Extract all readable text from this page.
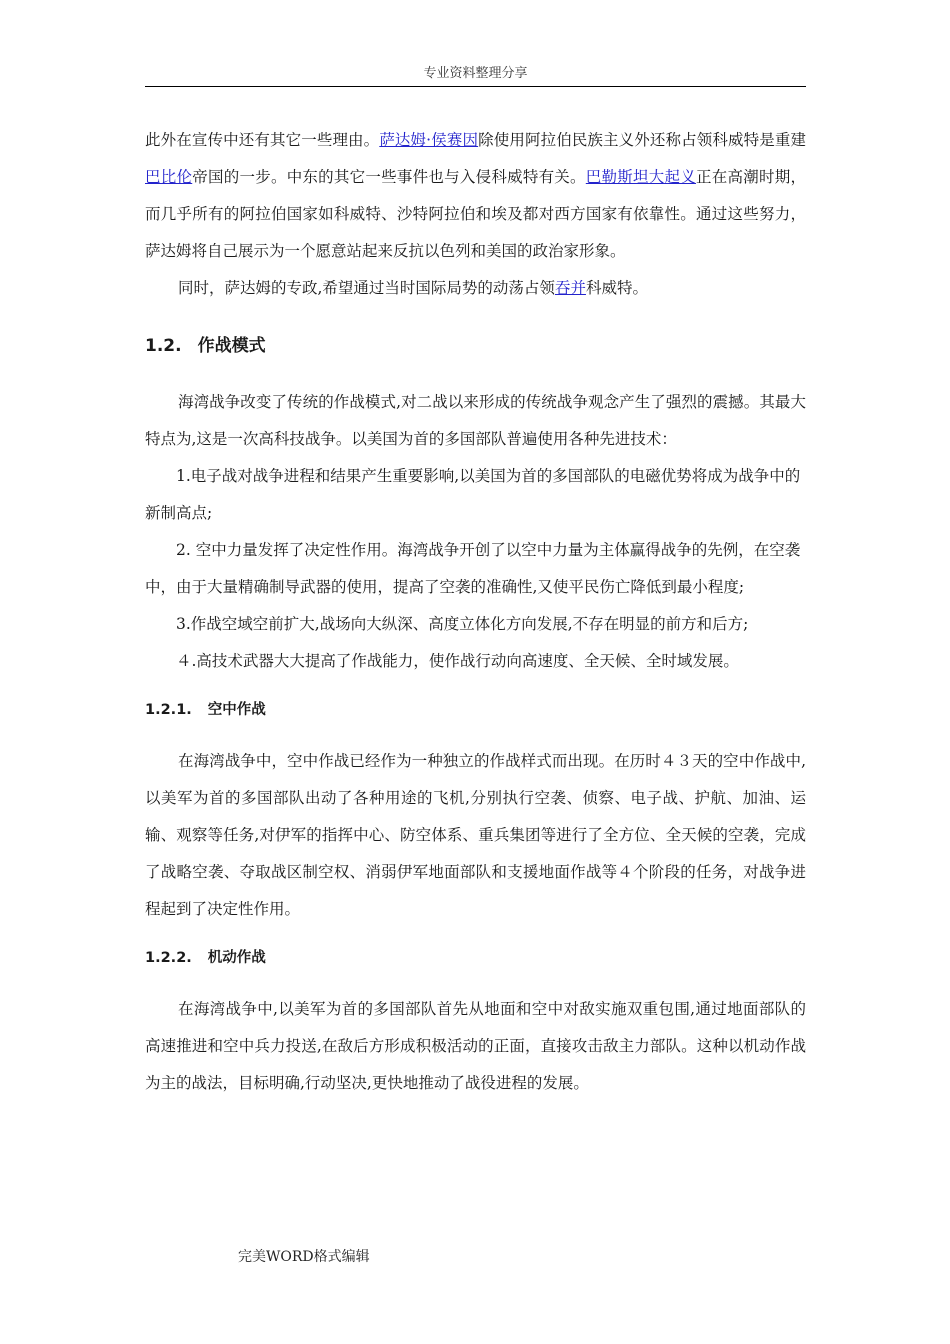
专业资料整理分享

此外在宣传中还有其它一些理由。萨达姆·侯赛因除使用阿拉伯民族主义外还称占领科威特是重建巴比伦帝国的一步。中东的其它一些事件也与入侵科威特有关。巴勒斯坦大起义正在高潮时期，而几乎所有的阿拉伯国家如科威特、沙特阿拉伯和埃及都对西方国家有依靠性。通过这些努力，萨达姆将自己展示为一个愿意站起来反抗以色列和美国的政治家形象。

同时，萨达姆的专政,希望通过当时国际局势的动荡占领吞并科威特。

1.2. 作战模式

海湾战争改变了传统的作战模式,对二战以来形成的传统战争观念产生了强烈的震撼。其最大特点为,这是一次高科技战争。以美国为首的多国部队普遍使用各种先进技术：

1.电子战对战争进程和结果产生重要影响,以美国为首的多国部队的电磁优势将成为战争中的新制高点;

2. 空中力量发挥了决定性作用。海湾战争开创了以空中力量为主体赢得战争的先例，在空袭中，由于大量精确制导武器的使用，提高了空袭的准确性,又使平民伤亡降低到最小程度;

3.作战空域空前扩大,战场向大纵深、高度立体化方向发展,不存在明显的前方和后方;

４.高技术武器大大提高了作战能力，使作战行动向高速度、全天候、全时域发展。

1.2.1. 空中作战

在海湾战争中，空中作战已经作为一种独立的作战样式而出现。在历时４３天的空中作战中,以美军为首的多国部队出动了各种用途的飞机,分别执行空袭、侦察、电子战、护航、加油、运输、观察等任务,对伊军的指挥中心、防空体系、重兵集团等进行了全方位、全天候的空袭，完成了战略空袭、夺取战区制空权、消弱伊军地面部队和支援地面作战等４个阶段的任务，对战争进程起到了决定性作用。

1.2.2. 机动作战

在海湾战争中,以美军为首的多国部队首先从地面和空中对敌实施双重包围,通过地面部队的高速推进和空中兵力投送,在敌后方形成积极活动的正面，直接攻击敌主力部队。这种以机动作战为主的战法，目标明确,行动坚决,更快地推动了战役进程的发展。

完美WORD格式编辑
